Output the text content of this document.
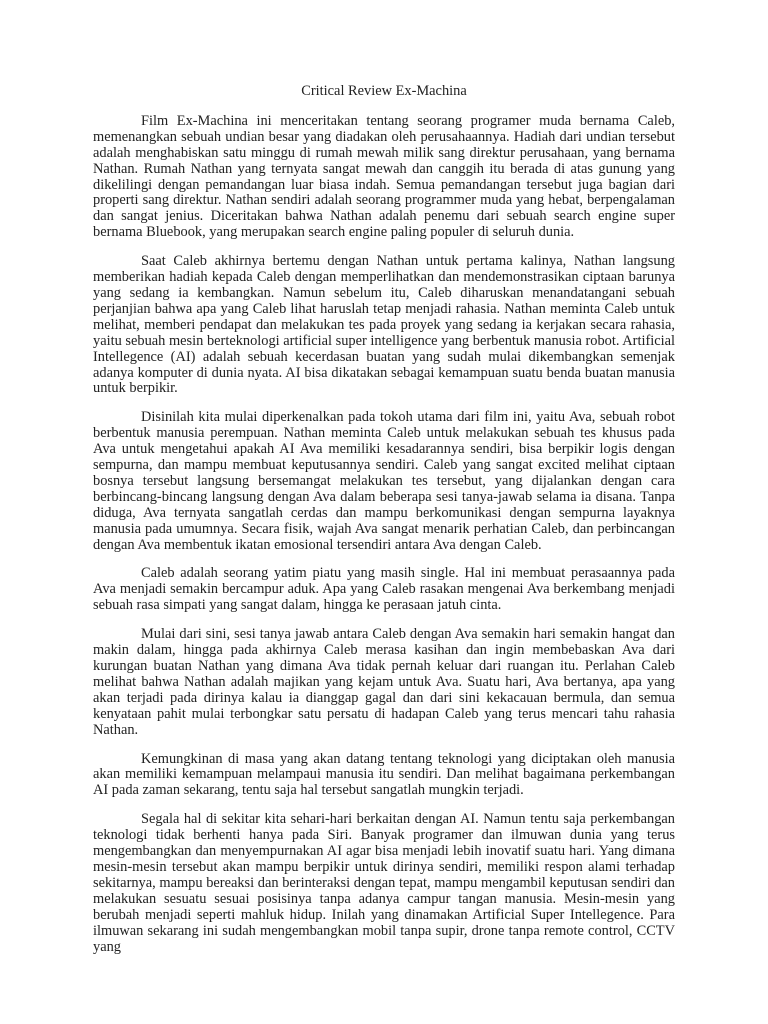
Critical Review Ex-Machina

Film Ex-Machina ini menceritakan tentang seorang programer muda bernama Caleb, memenangkan sebuah undian besar yang diadakan oleh perusahaannya. Hadiah dari undian tersebut adalah menghabiskan satu minggu di rumah mewah milik sang direktur perusahaan, yang bernama Nathan. Rumah Nathan yang ternyata sangat mewah dan canggih itu berada di atas gunung yang dikelilingi dengan pemandangan luar biasa indah. Semua pemandangan tersebut juga bagian dari properti sang direktur. Nathan sendiri adalah seorang programmer muda yang hebat, berpengalaman dan sangat jenius. Diceritakan bahwa Nathan adalah penemu dari sebuah search engine super bernama Bluebook, yang merupakan search engine paling populer di seluruh dunia.

Saat Caleb akhirnya bertemu dengan Nathan untuk pertama kalinya, Nathan langsung memberikan hadiah kepada Caleb dengan memperlihatkan dan mendemonstrasikan ciptaan barunya yang sedang ia kembangkan. Namun sebelum itu, Caleb diharuskan menandatangani sebuah perjanjian bahwa apa yang Caleb lihat haruslah tetap menjadi rahasia. Nathan meminta Caleb untuk melihat, memberi pendapat dan melakukan tes pada proyek yang sedang ia kerjakan secara rahasia, yaitu sebuah mesin berteknologi artificial super intelligence yang berbentuk manusia robot. Artificial Intellegence (AI) adalah sebuah kecerdasan buatan yang sudah mulai dikembangkan semenjak adanya komputer di dunia nyata. AI bisa dikatakan sebagai kemampuan suatu benda buatan manusia untuk berpikir.

Disinilah kita mulai diperkenalkan pada tokoh utama dari film ini, yaitu Ava, sebuah robot berbentuk manusia perempuan. Nathan meminta Caleb untuk melakukan sebuah tes khusus pada Ava untuk mengetahui apakah AI Ava memiliki kesadarannya sendiri, bisa berpikir logis dengan sempurna, dan mampu membuat keputusannya sendiri. Caleb yang sangat excited melihat ciptaan bosnya tersebut langsung bersemangat melakukan tes tersebut, yang dijalankan dengan cara berbincang-bincang langsung dengan Ava dalam beberapa sesi tanya-jawab selama ia disana. Tanpa diduga, Ava ternyata sangatlah cerdas dan mampu berkomunikasi dengan sempurna layaknya manusia pada umumnya. Secara fisik, wajah Ava sangat menarik perhatian Caleb, dan perbincangan dengan Ava membentuk ikatan emosional tersendiri antara Ava dengan Caleb.

Caleb adalah seorang yatim piatu yang masih single. Hal ini membuat perasaannya pada Ava menjadi semakin bercampur aduk. Apa yang Caleb rasakan mengenai Ava berkembang menjadi sebuah rasa simpati yang sangat dalam, hingga ke perasaan jatuh cinta.

Mulai dari sini, sesi tanya jawab antara Caleb dengan Ava semakin hari semakin hangat dan makin dalam, hingga pada akhirnya Caleb merasa kasihan dan ingin membebaskan Ava dari kurungan buatan Nathan yang dimana Ava tidak pernah keluar dari ruangan itu. Perlahan Caleb melihat bahwa Nathan adalah majikan yang kejam untuk Ava. Suatu hari, Ava bertanya, apa yang akan terjadi pada dirinya kalau ia dianggap gagal dan dari sini kekacauan bermula, dan semua kenyataan pahit mulai terbongkar satu persatu di hadapan Caleb yang terus mencari tahu rahasia Nathan.

Kemungkinan di masa yang akan datang tentang teknologi yang diciptakan oleh manusia akan memiliki kemampuan melampaui manusia itu sendiri. Dan melihat bagaimana perkembangan AI pada zaman sekarang, tentu saja hal tersebut sangatlah mungkin terjadi.

Segala hal di sekitar kita sehari-hari berkaitan dengan AI. Namun tentu saja perkembangan teknologi tidak berhenti hanya pada Siri. Banyak programer dan ilmuwan dunia yang terus mengembangkan dan menyempurnakan AI agar bisa menjadi lebih inovatif suatu hari. Yang dimana mesin-mesin tersebut akan mampu berpikir untuk dirinya sendiri, memiliki respon alami terhadap sekitarnya, mampu bereaksi dan berinteraksi dengan tepat, mampu mengambil keputusan sendiri dan melakukan sesuatu sesuai posisinya tanpa adanya campur tangan manusia. Mesin-mesin yang berubah menjadi seperti mahluk hidup. Inilah yang dinamakan Artificial Super Intellegence. Para ilmuwan sekarang ini sudah mengembangkan mobil tanpa supir, drone tanpa remote control, CCTV yang
